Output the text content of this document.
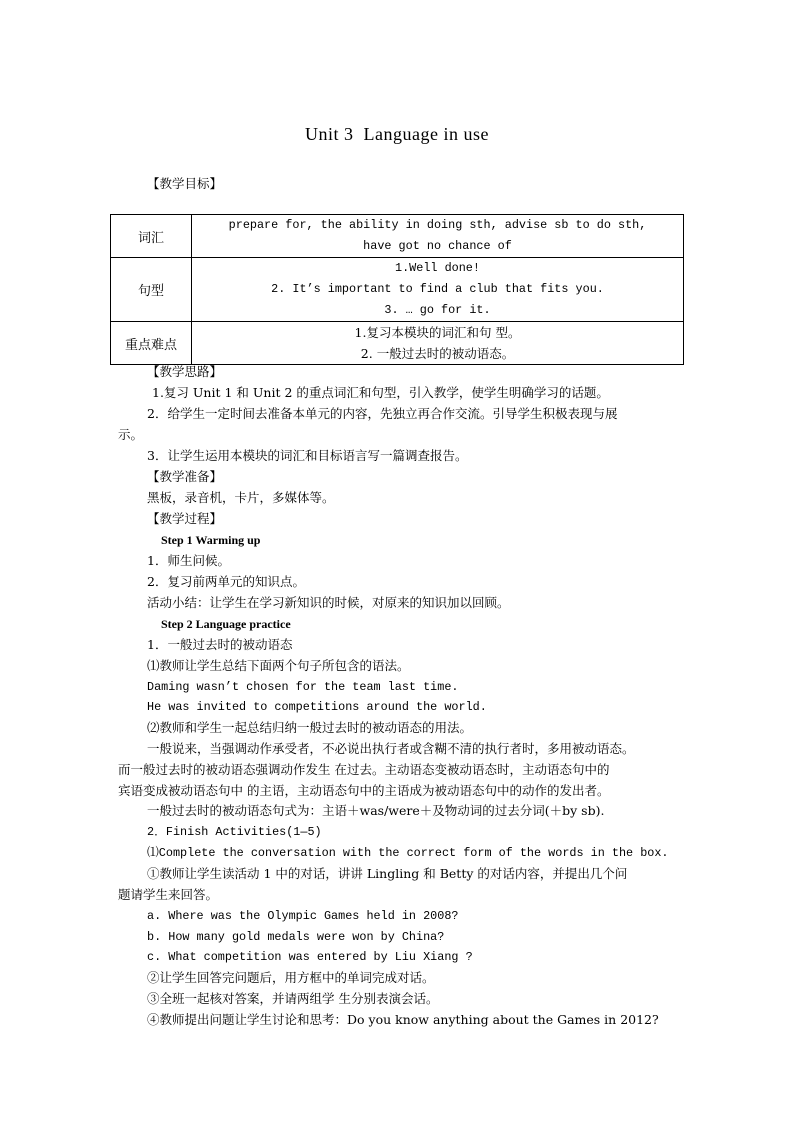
Unit 3  Language in use
【教学目标】
词汇	prepare for, the ability in doing sth, advise sb to do sth,
have got no chance of

句型	1.Well done!
2. It’s important to find a club that fits you.
3. … go for it.

重点难点	1.复习本模块的词汇和句 型。
2. 一般过去时的被动语态。
【教学思路】
1.复习 Unit 1 和 Unit 2 的重点词汇和句型，引入教学，使学生明确学习的话题。
2．给学生一定时间去准备本单元的内容，先独立再合作交流。引导学生积极表现与展
示。
3．让学生运用本模块的词汇和目标语言写一篇调查报告。
【教学准备】
黑板，录音机，卡片，多媒体等。
【教学过程】
Step 1 Warming up
1．师生问候。
2．复习前两单元的知识点。
活动小结：让学生在学习新知识的时候，对原来的知识加以回顾。
Step 2 Language practice
1．一般过去时的被动语态
⑴教师让学生总结下面两个句子所包含的语法。
Daming wasn’t chosen for the team last time.
He was invited to competitions around the world.
⑵教师和学生一起总结归纳一般过去时的被动语态的用法。
一般说来，当强调动作承受者，不必说出执行者或含糊不清的执行者时，多用被动语态。
而一般过去时的被动语态强调动作发生 在过去。主动语态变被动语态时，主动语态句中的
宾语变成被动语态句中 的主语，主动语态句中的主语成为被动语态句中的动作的发出者。
一般过去时的被动语态句式为：主语＋was/were＋及物动词的过去分词(＋by sb).
2．Finish Activities(1—5)
⑴Complete the conversation with the correct form of the words in the box.
①教师让学生读活动 1 中的对话，讲讲 Lingling 和 Betty 的对话内容，并提出几个问
题请学生来回答。
a. Where was the Olympic Games held in 2008?
b. How many gold medals were won by China?
c. What competition was entered by Liu Xiang ?
②让学生回答完问题后，用方框中的单词完成对话。
③全班一起核对答案，并请两组学 生分别表演会话。
④教师提出问题让学生讨论和思考：Do you know anything about the Games in 2012?
